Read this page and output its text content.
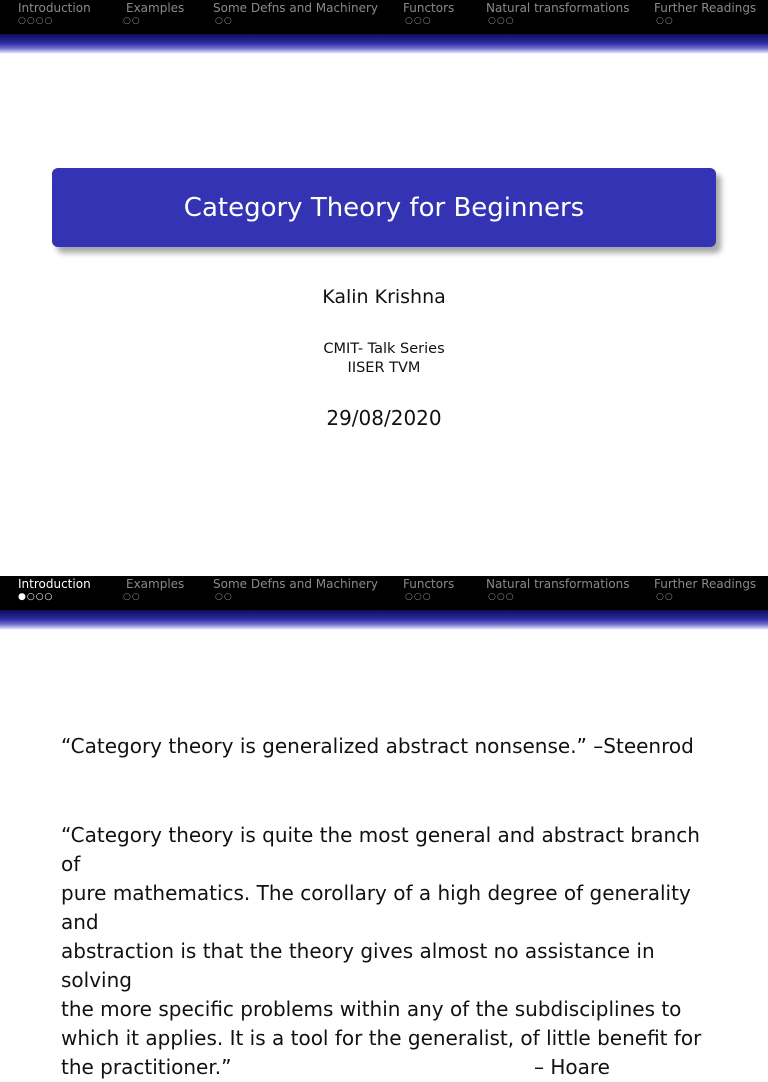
Introduction
○○○○
Examples
○○
Some Defns and Machinery
○○
Functors
○○○
Natural transformations
○○○
Further Readings
○○
Category Theory for Beginners
Kalin Krishna
CMIT- Talk Series
IISER TVM
29/08/2020
Introduction
●○○○
Examples
○○
Some Defns and Machinery
○○
Functors
○○○
Natural transformations
○○○
Further Readings
○○

“Category theory is generalized abstract nonsense.” –Steenrod

“Category theory is quite the most general and abstract branch of
pure mathematics. The corollary of a high degree of generality and
abstraction is that the theory gives almost no assistance in solving
the more specific problems within any of the subdisciplines to
which it applies. It is a tool for the generalist, of little benefit for
the practitioner.”	– Hoare
